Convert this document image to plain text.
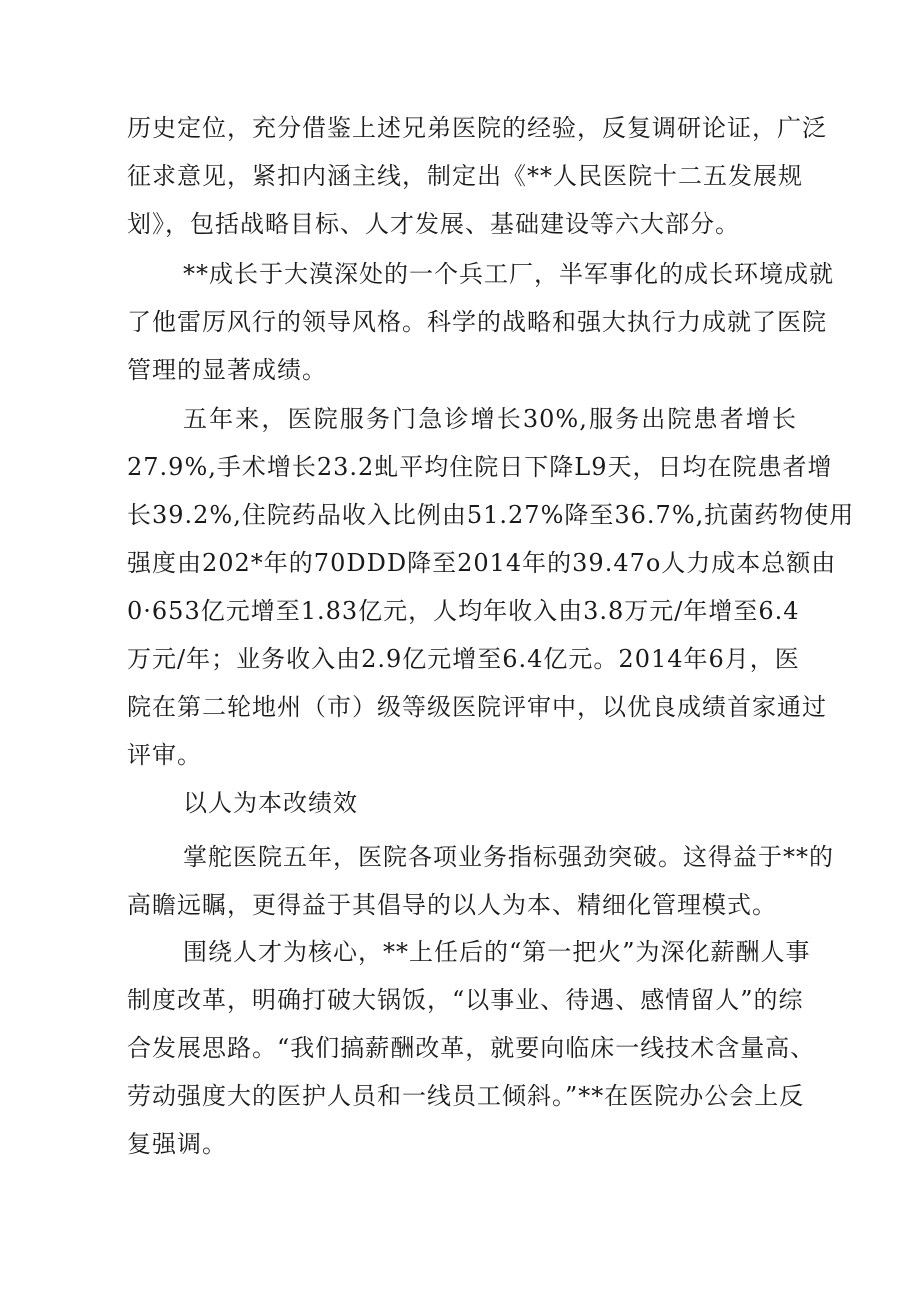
历史定位，充分借鉴上述兄弟医院的经验，反复调研论证，广泛
征求意见，紧扣内涵主线，制定出《**人民医院十二五发展规
划》，包括战略目标、人才发展、基础建设等六大部分。
**成长于大漠深处的一个兵工厂，半军事化的成长环境成就
了他雷厉风行的领导风格。科学的战略和强大执行力成就了医院
管理的显著成绩。
五年来，医院服务门急诊增长30%,服务出院患者增长
27.9%,手术增长23.2虬平均住院日下降L9天，日均在院患者增
长39.2%,住院药品收入比例由51.27%降至36.7%,抗菌药物使用
强度由202*年的70DDD降至2014年的39.47o人力成本总额由
0·653亿元增至1.83亿元，人均年收入由3.8万元/年增至6.4
万元/年；业务收入由2.9亿元增至6.4亿元。2014年6月，医
院在第二轮地州（市）级等级医院评审中，以优良成绩首家通过
评审。
以人为本改绩效
掌舵医院五年，医院各项业务指标强劲突破。这得益于**的
高瞻远瞩，更得益于其倡导的以人为本、精细化管理模式。
围绕人才为核心，**上任后的“第一把火”为深化薪酬人事
制度改革，明确打破大锅饭，“以事业、待遇、感情留人”的综
合发展思路。“我们搞薪酬改革，就要向临床一线技术含量高、
劳动强度大的医护人员和一线员工倾斜。”**在医院办公会上反
复强调。
